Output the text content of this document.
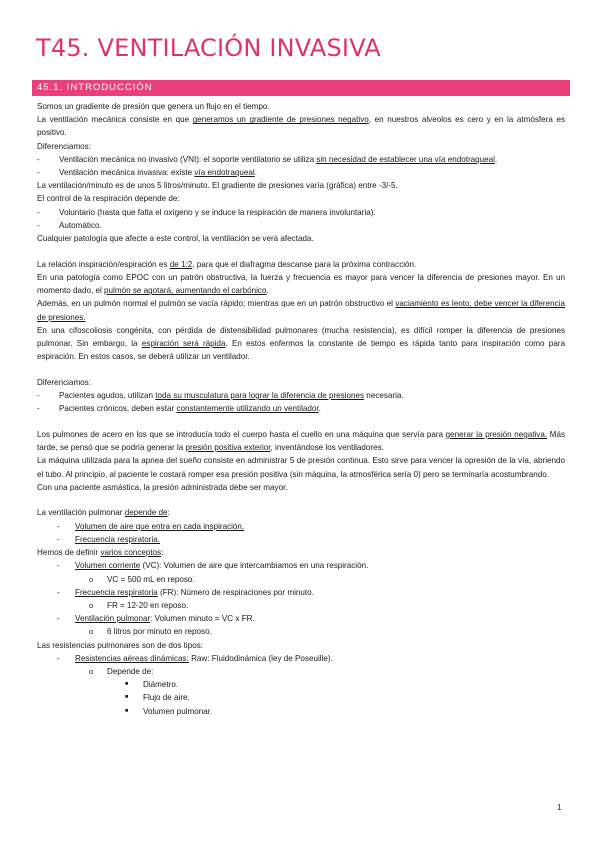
T45. VENTILACIÓN INVASIVA
45.1. INTRODUCCIÓN

Somos un gradiente de presión que genera un flujo en el tiempo.

La ventilación mecánica consiste en que generamos un gradiente de presiones negativo, en nuestros alveolos es cero y en la atmósfera es positivo.

Diferenciamos:

- Ventilación mecánica no invasivo (VNI): el soporte ventilatorio se utiliza sin necesidad de establecer una vía endotraqueal.

- Ventilación mecánica invasiva: existe vía endotraqueal.

La ventilación/minuto es de unos 5 litros/minuto. El gradiente de presiones varía (gráfica) entre -3/-5.

El control de la respiración depende de:

- Voluntario (hasta que falta el oxígeno y se induce la respiración de manera involuntaria).

- Automático.

Cualquier patología que afecte a este control, la ventilación se verá afectada.

La relación inspiración/espiración es de 1:2, para que el diafragma descanse para la próxima contracción.

En una patología como EPOC con un patrón obstructiva, la fuerza y frecuencia es mayor para vencer la diferencia de presiones mayor. En un momento dado, el pulmón se agotará, aumentando el carbónico.

Además, en un pulmón normal el pulmón se vacía rápido; mientras que en un patrón obstructivo el vaciamiento es lento, debe vencer la diferencia de presiones.

En una cifoscoliosis congénita, con pérdida de distensibilidad pulmonares (mucha resistencia), es difícil romper la diferencia de presiones pulmonar. Sin embargo, la espiración será rápida. En estos enfermos la constante de tiempo es rápida tanto para inspiración como para espiración. En estos casos, se deberá utilizar un ventilador.

Diferenciamos:

- Pacientes agudos, utilizan toda su musculatura para lograr la diferencia de presiones necesaria.

- Pacientes crónicos, deben estar constantemente utilizando un ventilador.

Los pulmones de acero en los que se introducía todo el cuerpo hasta el cuello en una máquina que servía para generar la presión negativa. Más tarde, se pensó que se podría generar la presión positiva exterior, inventándose los ventiladores.

La máquina utilizada para la apnea del sueño consiste en administrar 5 de presión continua. Esto sirve para vencer la opresión de la vía, abriendo el tubo. Al principio, al paciente le costará romper esa presión positiva (sin máquina, la atmosférica sería 0) pero se terminaría acostumbrando.

Con una paciente asmástica, la presión administrada debe ser mayor.

La ventilación pulmonar depende de:

- Volumen de aire que entra en cada inspiración.

- Frecuencia respiratoria.

Hemos de definir varios conceptos:

- Volumen corriente (VC): Volumen de aire que intercambiamos en una respiración.

o VC = 500 mL en reposo.

- Frecuencia respiratoria (FR): Número de respiraciones por minuto.

o FR = 12-20 en reposo.

- Ventilación pulmonar: Volumen minuto = VC x FR.

o 6 litros por minuto en reposo.

Las resistencias pulmonares son de dos tipos:

- Resistencias aéreas dinámicas: Raw: Fluidodinámica (ley de Poseuille).

o Depende de:

■ Diámetro.

■ Flujo de aire.

■ Volumen pulmonar.

1
